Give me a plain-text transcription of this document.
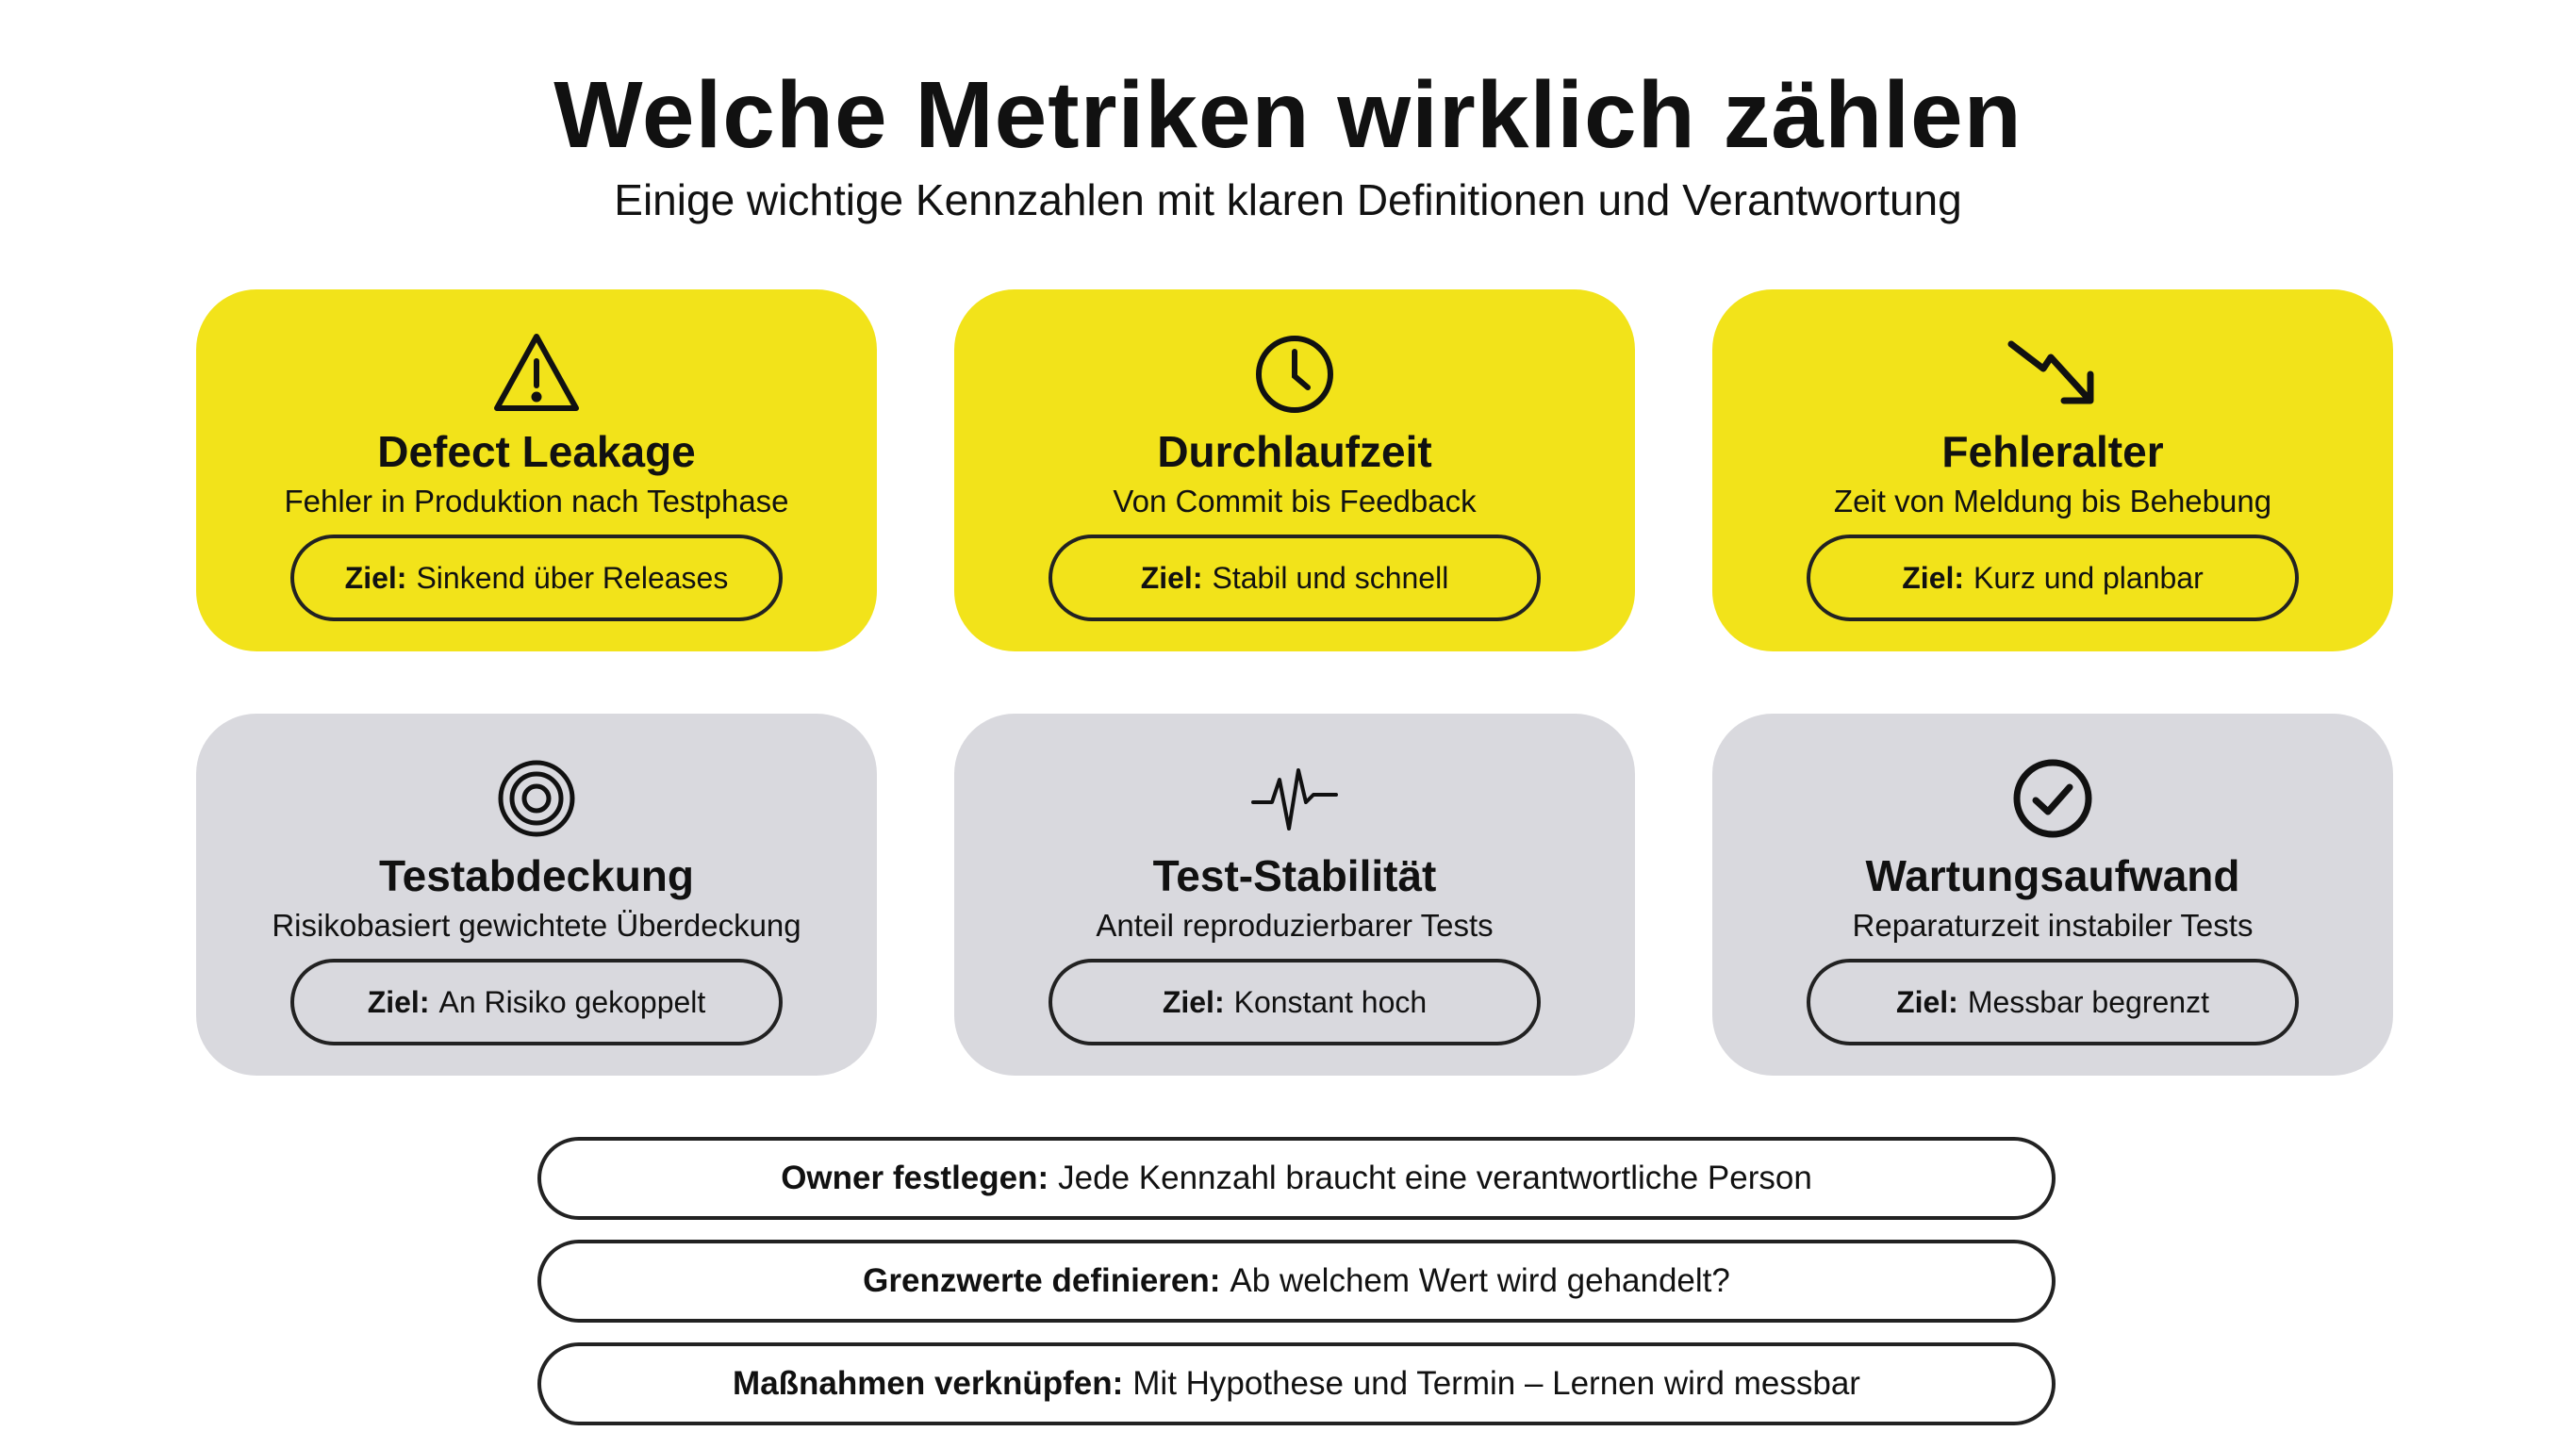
Welche Metriken wirklich zählen
Einige wichtige Kennzahlen mit klaren Definitionen und Verantwortung
Defect Leakage
Fehler in Produktion nach Testphase
Ziel: Sinkend über Releases
Durchlaufzeit
Von Commit bis Feedback
Ziel: Stabil und schnell
Fehleralter
Zeit von Meldung bis Behebung
Ziel: Kurz und planbar
Testabdeckung
Risikobasiert gewichtete Überdeckung
Ziel: An Risiko gekoppelt
Test-Stabilität
Anteil reproduzierbarer Tests
Ziel: Konstant hoch
Wartungsaufwand
Reparaturzeit instabiler Tests
Ziel: Messbar begrenzt
Owner festlegen: Jede Kennzahl braucht eine verantwortliche Person
Grenzwerte definieren: Ab welchem Wert wird gehandelt?
Maßnahmen verknüpfen: Mit Hypothese und Termin – Lernen wird messbar
